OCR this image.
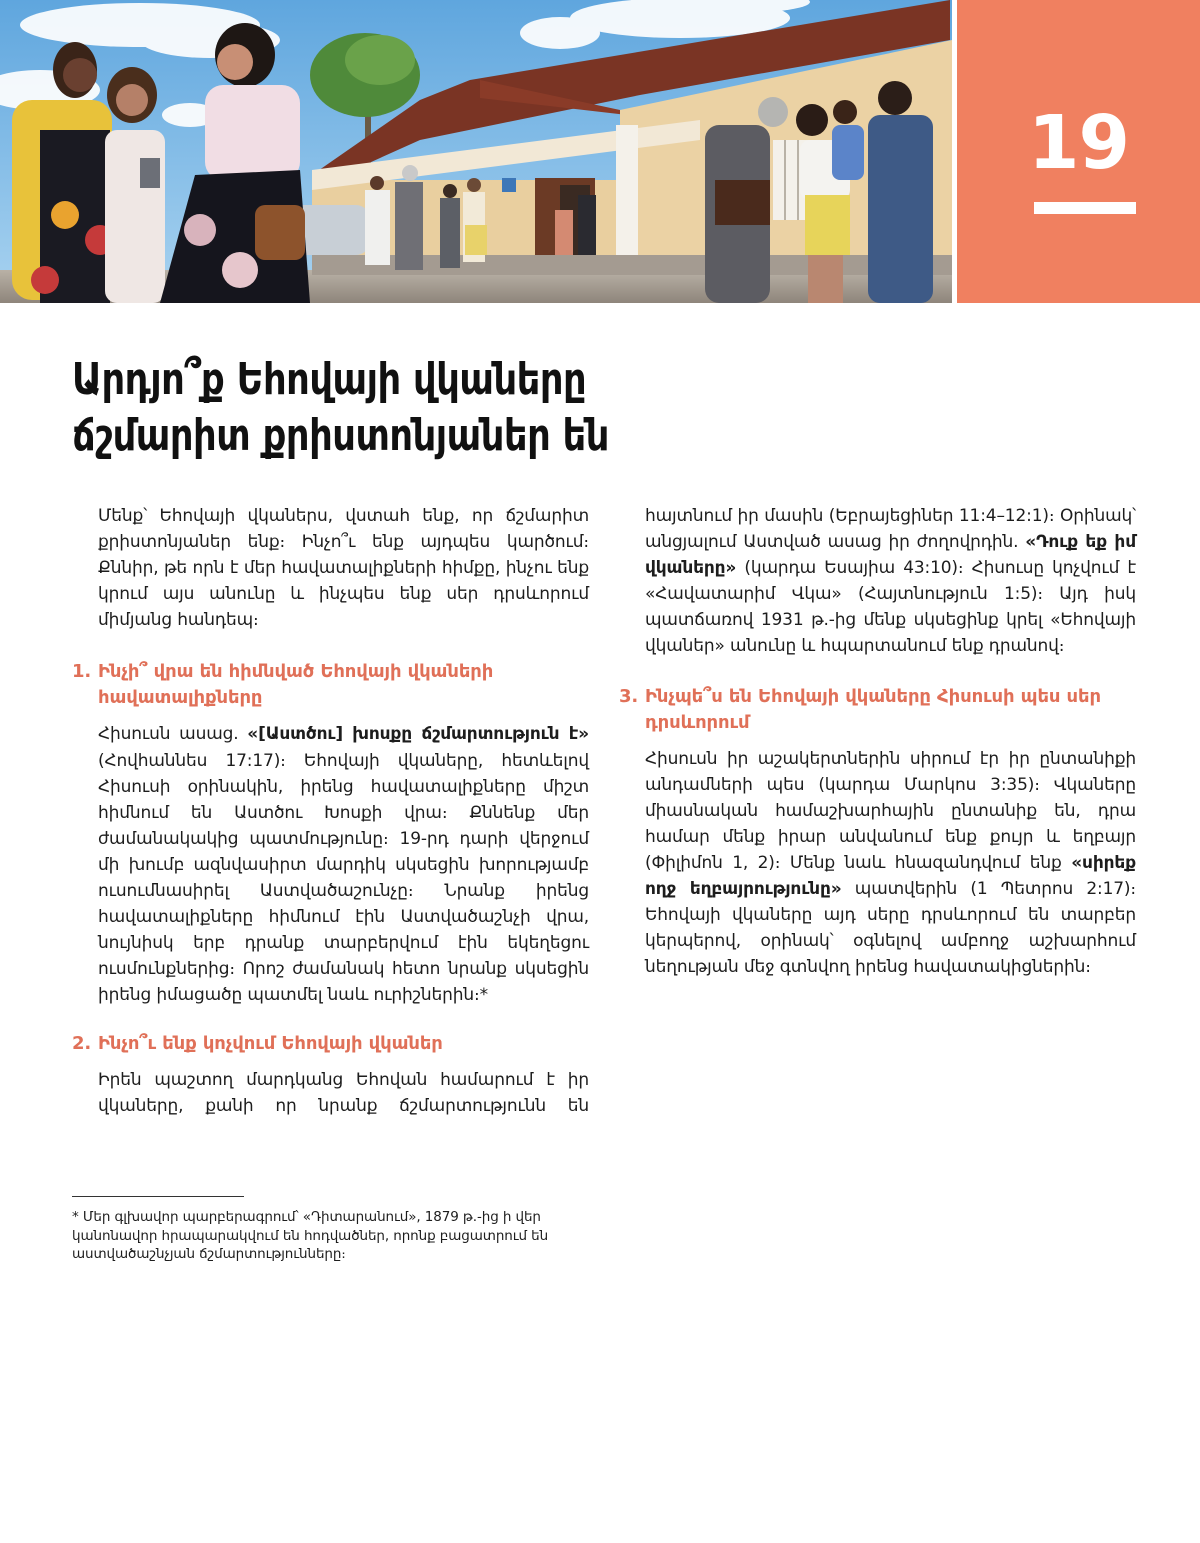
19
Արդյո՞ք Եհովայի վկաները
ճշմարիտ քրիստոնյաներ են

Մենք՝ Եհովայի վկաներս, վստահ ենք, որ ճշմարիտ քրիստոնյաներ ենք։ Ինչո՞ւ ենք այդպես կարծում։ Քննիր, թե որն է մեր հավատալիքների հիմքը, ինչու ենք կրում այս անունը և ինչպես ենք սեր դրսևորում միմյանց հանդեպ։

1. Ինչի՞ վրա են հիմնված Եհովայի վկաների հավատալիքները

Հիսուսն ասաց. «[Աստծու] խոսքը ճշմարտություն է» (Հովհաննես 17:17)։ Եհովայի վկաները, հետևելով Հիսուսի օրինակին, իրենց հավատալիքները միշտ հիմնում են Աստծու Խոսքի վրա։ Քննենք մեր ժամանակակից պատմությունը։ 19-րդ դարի վերջում մի խումբ ազնվասիրտ մարդիկ սկսեցին խորությամբ ուսումնասիրել Աստվածաշունչը։ Նրանք իրենց հավատալիքները հիմնում էին Աստվածաշնչի վրա, նույնիսկ երբ դրանք տարբերվում էին եկեղեցու ուսմունքներից։ Որոշ ժամանակ հետո նրանք սկսեցին իրենց իմացածը պատմել նաև ուրիշներին։*

2. Ինչո՞ւ ենք կոչվում Եհովայի վկաներ

Իրեն պաշտող մարդկանց Եհովան համարում է իր վկաները, քանի որ նրանք ճշմարտությունն են

հայտնում իր մասին (Եբրայեցիներ 11:4–12:1)։ Օրինակ՝ անցյալում Աստված ասաց իր ժողովրդին. «Դուք եք իմ վկաները» (կարդա Եսայիա 43:10)։ Հիսուսը կոչվում է «Հավատարիմ Վկա» (Հայտնություն 1:5)։ Այդ իսկ պատճառով 1931 թ.-ից մենք սկսեցինք կրել «Եհովայի վկաներ» անունը և հպարտանում ենք դրանով։

3. Ինչպե՞ս են Եհովայի վկաները Հիսուսի պես սեր դրսևորում

Հիսուսն իր աշակերտներին սիրում էր իր ընտանիքի անդամների պես (կարդա Մարկոս 3:35)։ Վկաները միասնական համաշխարհային ընտանիք են, դրա համար մենք իրար անվանում ենք քույր և եղբայր (Փիլիմոն 1, 2)։ Մենք նաև հնազանդվում ենք «սիրեք ողջ եղբայրությունը» պատվերին (1 Պետրոս 2:17)։ Եհովայի վկաները այդ սերը դրսևորում են տարբեր կերպերով, օրինակ՝ օգնելով ամբողջ աշխարհում նեղության մեջ գտնվող իրենց հավատակիցներին։

* Մեր գլխավոր պարբերագրում՝ «Դիտարանում», 1879 թ.-ից ի վեր կանոնավոր հրապարակվում են հոդվածներ, որոնք բացատրում են աստվածաշնչյան ճշմարտությունները։
